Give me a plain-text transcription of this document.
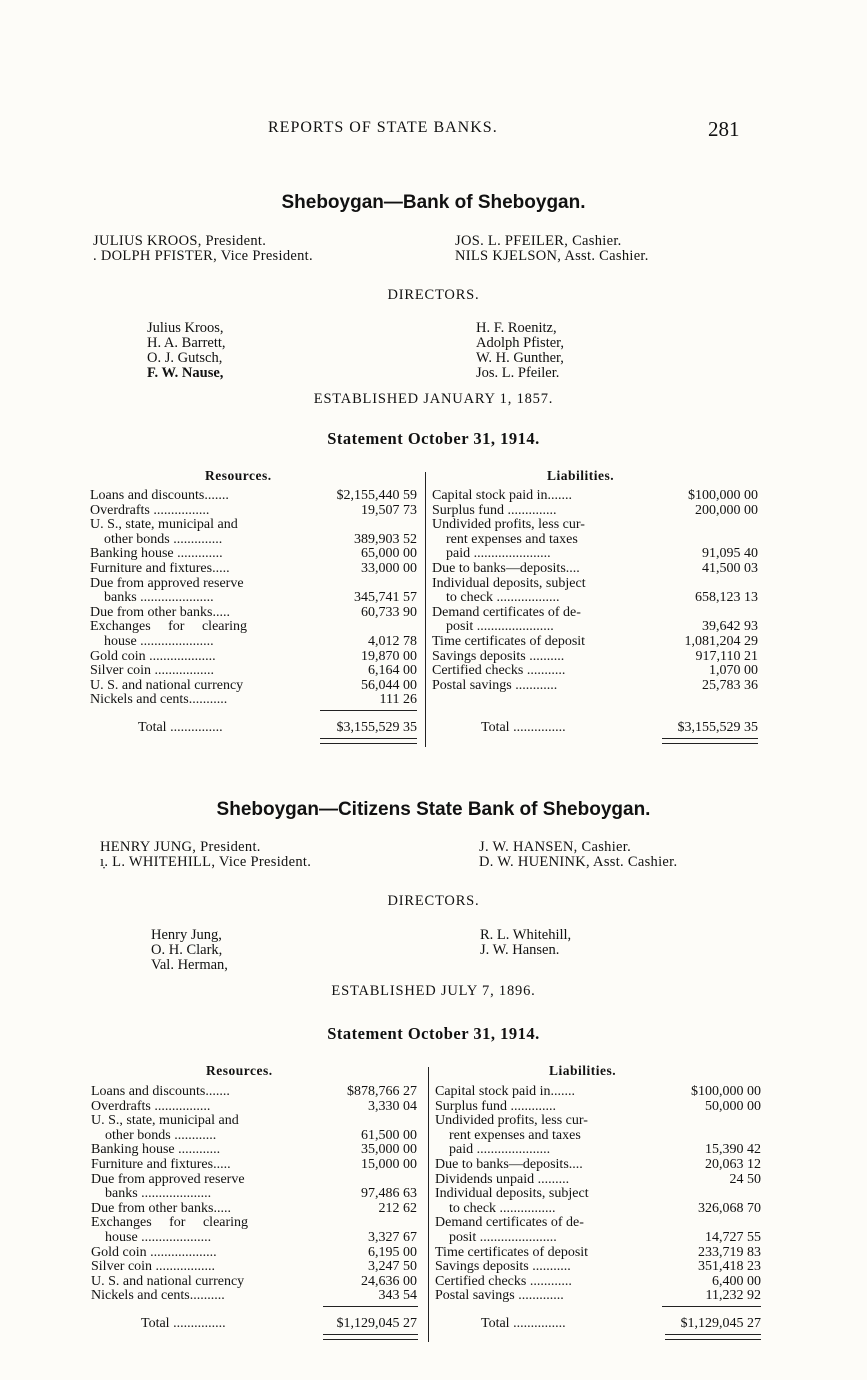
REPORTS OF STATE BANKS.	281
Sheboygan—Bank of Sheboygan.
JULIUS KROOS, President.
. DOLPH PFISTER, Vice President.
JOS. L. PFEILER, Cashier.
NILS KJELSON, Asst. Cashier.
DIRECTORS.
Julius Kroos,
H. A. Barrett,
O. J. Gutsch,
F. W. Nause,
H. F. Roenitz,
Adolph Pfister,
W. H. Gunther,
Jos. L. Pfeiler.
ESTABLISHED JANUARY 1, 1857.
Statement October 31, 1914.
Resources.	Liabilities.
Loans and discounts.......	$2,155,440 59
Overdrafts ................	19,507 73
U. S., state, municipal and
 other bonds ..............	389,903 52
Banking house .............	65,000 00
Furniture and fixtures.....	33,000 00
Due from approved reserve
 banks .....................	345,741 57
Due from other banks.....	60,733 90
Exchanges for clearing
 house .....................	4,012 78
Gold coin ...................	19,870 00
Silver coin .................	6,164 00
U. S. and national currency	56,044 00
Nickels and cents...........	111 26
Total ...............	$3,155,529 35
Capital stock paid in.......	$100,000 00
Surplus fund ..............	200,000 00
Undivided profits, less cur-
 rent expenses and taxes
 paid ......................	91,095 40
Due to banks—deposits....	41,500 03
Individual deposits, subject
 to check ..................	658,123 13
Demand certificates of de-
 posit ......................	39,642 93
Time certificates of deposit	1,081,204 29
Savings deposits ..........	917,110 21
Certified checks ...........	1,070 00
Postal savings ............	25,783 36
Total ...............	$3,155,529 35
Sheboygan—Citizens State Bank of Sheboygan.
HENRY JUNG, President.
ı̣. L. WHITEHILL, Vice President.
J. W. HANSEN, Cashier.
D. W. HUENINK, Asst. Cashier.
DIRECTORS.
Henry Jung,
O. H. Clark,
Val. Herman,
R. L. Whitehill,
J. W. Hansen.
ESTABLISHED JULY 7, 1896.
Statement October 31, 1914.
Resources.	Liabilities.
Loans and discounts.......	$878,766 27
Overdrafts ................	3,330 04
U. S., state, municipal and
 other bonds ............	61,500 00
Banking house ............	35,000 00
Furniture and fixtures.....	15,000 00
Due from approved reserve
 banks ....................	97,486 63
Due from other banks.....	212 62
Exchanges for clearing
 house ....................	3,327 67
Gold coin ...................	6,195 00
Silver coin .................	3,247 50
U. S. and national currency	24,636 00
Nickels and cents..........	343 54
Total ...............	$1,129,045 27
Capital stock paid in.......	$100,000 00
Surplus fund .............	50,000 00
Undivided profits, less cur-
 rent expenses and taxes
 paid .....................	15,390 42
Due to banks—deposits....	20,063 12
Dividends unpaid .........	24 50
Individual deposits, subject
 to check ................	326,068 70
Demand certificates of de-
 posit ......................	14,727 55
Time certificates of deposit	233,719 83
Savings deposits ...........	351,418 23
Certified checks ............	6,400 00
Postal savings .............	11,232 92
Total ...............	$1,129,045 27
